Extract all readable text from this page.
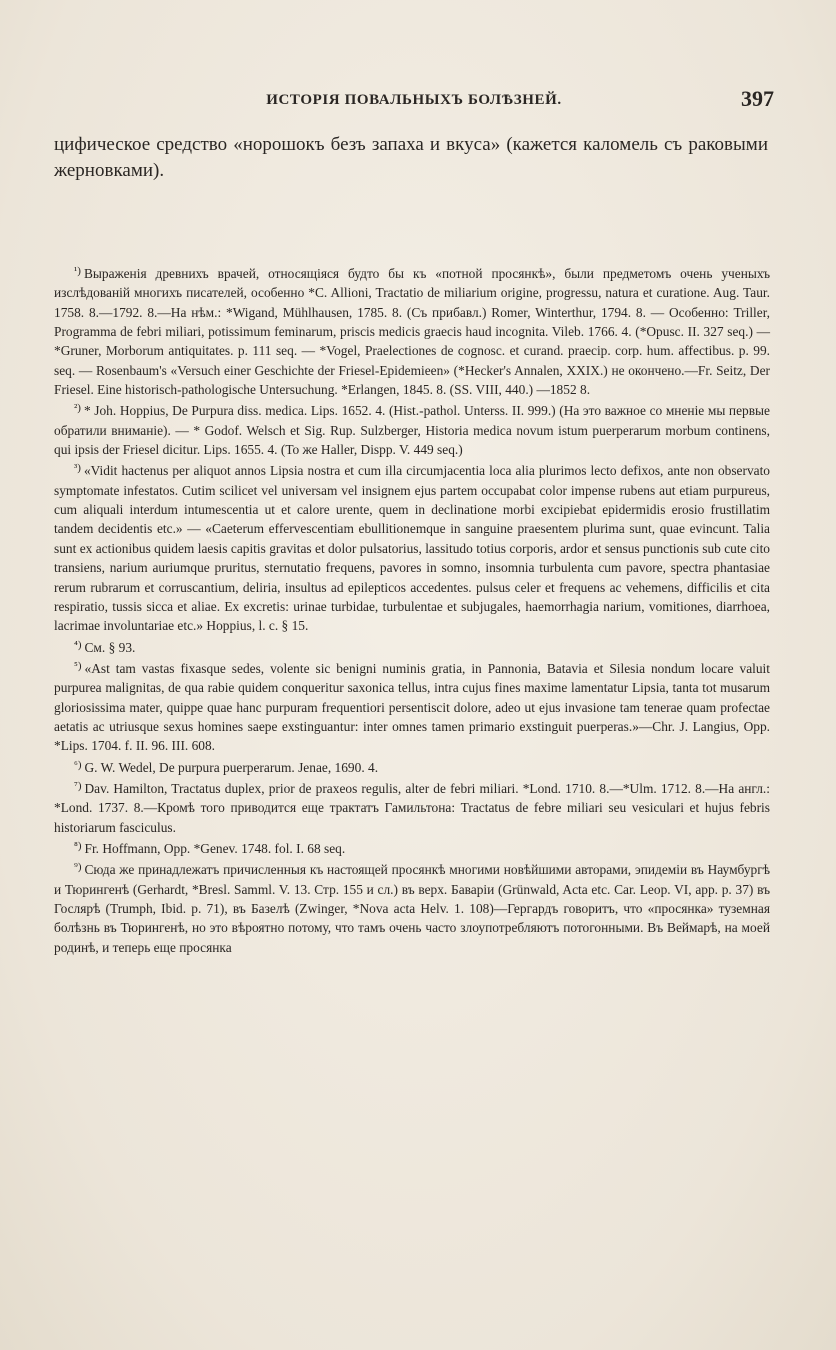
ИСТОРІЯ ПОВАЛЬНЫХЪ БОЛѢЗНЕЙ.	397

цифическое средство «норошокъ безъ запаха и вкуса» (кажется каломель съ раковыми жерновками).

$^{^1)}$ Выраженія древнихъ врачей, относящіяся будто бы къ «потной просянкѣ», были предметомъ очень ученыхъ изслѣдованій многихъ писателей, особенно *C. Allioni, Tractatio de miliarium origine, progressu, natura et curatione. Aug. Taur. 1758. 8.—1792. 8.—На нѣм.: *Wigand, Mühlhausen, 1785. 8. (Съ прибавл.) Romer, Winterthur, 1794. 8. — Особенно: Triller, Programma de febri miliari, potissimum feminarum, priscis medicis graecis haud incognita. Vileb. 1766. 4. (*Opusc. II. 327 seq.) — *Gruner, Morborum antiquitates. p. 111 seq. — *Vogel, Praelectiones de cognosc. et curand. praecip. corp. hum. affectibus. p. 99. seq. — Rosenbaum's «Versuch einer Geschichte der Friesel-Epidemieen» (*Hecker's Annalen, XXIX.) не окончено.—Fr. Seitz, Der Friesel. Eine historisch-pathologische Untersuchung. *Erlangen, 1845. 8. (SS. VIII, 440.) —1852 8.

$^{^2)}$ * Joh. Hoppius, De Purpura diss. medica. Lips. 1652. 4. (Hist.-pathol. Unterss. II. 999.) (На это важное со мненіе мы первые обратили вниманіе). — * Godof. Welsch et Sig. Rup. Sulzberger, Historia medica novum istum puerperarum morbum continens, qui ipsis der Friesel dicitur. Lips. 1655. 4. (То же Haller, Dispp. V. 449 seq.)

$^{^3)}$ «Vidit hactenus per aliquot annos Lipsia nostra et cum illa circumjacentia loca alia plurimos lecto defixos, ante non observato symptomate infestatos. Cutim scilicet vel universam vel insignem ejus partem occupabat color impense rubens aut etiam purpureus, cum aliquali interdum intumescentia ut et calore urente, quem in declinatione morbi excipiebat epidermidis erosio frustillatim tandem decidentis etc.» — «Caeterum effervescentiam ebullitionemque in sanguine praesentem plurima sunt, quae evincunt. Talia sunt ex actionibus quidem laesis capitis gravitas et dolor pulsatorius, lassitudo totius corporis, ardor et sensus punctionis sub cute cito transiens, narium auriumque pruritus, sternutatio frequens, pavores in somno, insomnia turbulenta cum pavore, spectra phantasiae rerum rubrarum et corruscantium, deliria, insultus ad epilepticos accedentes. pulsus celer et frequens ac vehemens, difficilis et cita respiratio, tussis sicca et aliae. Ex excretis: urinae turbidae, turbulentae et subjugales, haemorrhagia narium, vomitiones, diarrhoea, lacrimae involuntariae etc.» Hoppius, l. c. § 15.

$^{^4)}$ См. § 93.

$^{^5)}$ «Ast tam vastas fixasque sedes, volente sic benigni numinis gratia, in Pannonia, Batavia et Silesia nondum locare valuit purpurea malignitas, de qua rabie quidem conqueritur saxonica tellus, intra cujus fines maxime lamentatur Lipsia, tanta tot musarum gloriosissima mater, quippe quae hanc purpuram frequentiori persentiscit dolore, adeo ut ejus invasione tam tenerae quam profectae aetatis ac utriusque sexus homines saepe exstinguantur: inter omnes tamen primario exstinguit puerperas.»—Chr. J. Langius, Opp. *Lips. 1704. f. II. 96. III. 608.

$^{^6)}$ G. W. Wedel, De purpura puerperarum. Jenae, 1690. 4.

$^{^7)}$ Dav. Hamilton, Tractatus duplex, prior de praxeos regulis, alter de febri miliari. *Lond. 1710. 8.—*Ulm. 1712. 8.—На англ.: *Lond. 1737. 8.—Кромѣ того приводится еще трактатъ Гамильтона: Tractatus de febre miliari seu vesiculari et hujus febris historiarum fasciculus.

$^{^8)}$ Fr. Hoffmann, Opp. *Genev. 1748. fol. I. 68 seq.

$^{^9)}$ Сюда же принадлежатъ причисленныя къ настоящей просянкѣ многими новѣйшими авторами, эпидеміи въ Наумбургѣ и Тюрингенѣ (Gerhardt, *Bresl. Samml. V. 13. Стр. 155 и сл.) въ верх. Баваріи (Grünwald, Acta etc. Car. Leop. VI, app. p. 37) въ Гослярѣ (Trumph, Ibid. p. 71), въ Базелѣ (Zwinger, *Nova acta Helv. 1. 108)—Гергардъ говоритъ, что «просянка» туземная болѣзнь въ Тюрингенѣ, но это вѣроятно потому, что тамъ очень часто злоупотребляютъ потогонными. Въ Веймарѣ, на моей родинѣ, и теперь еще просянка
